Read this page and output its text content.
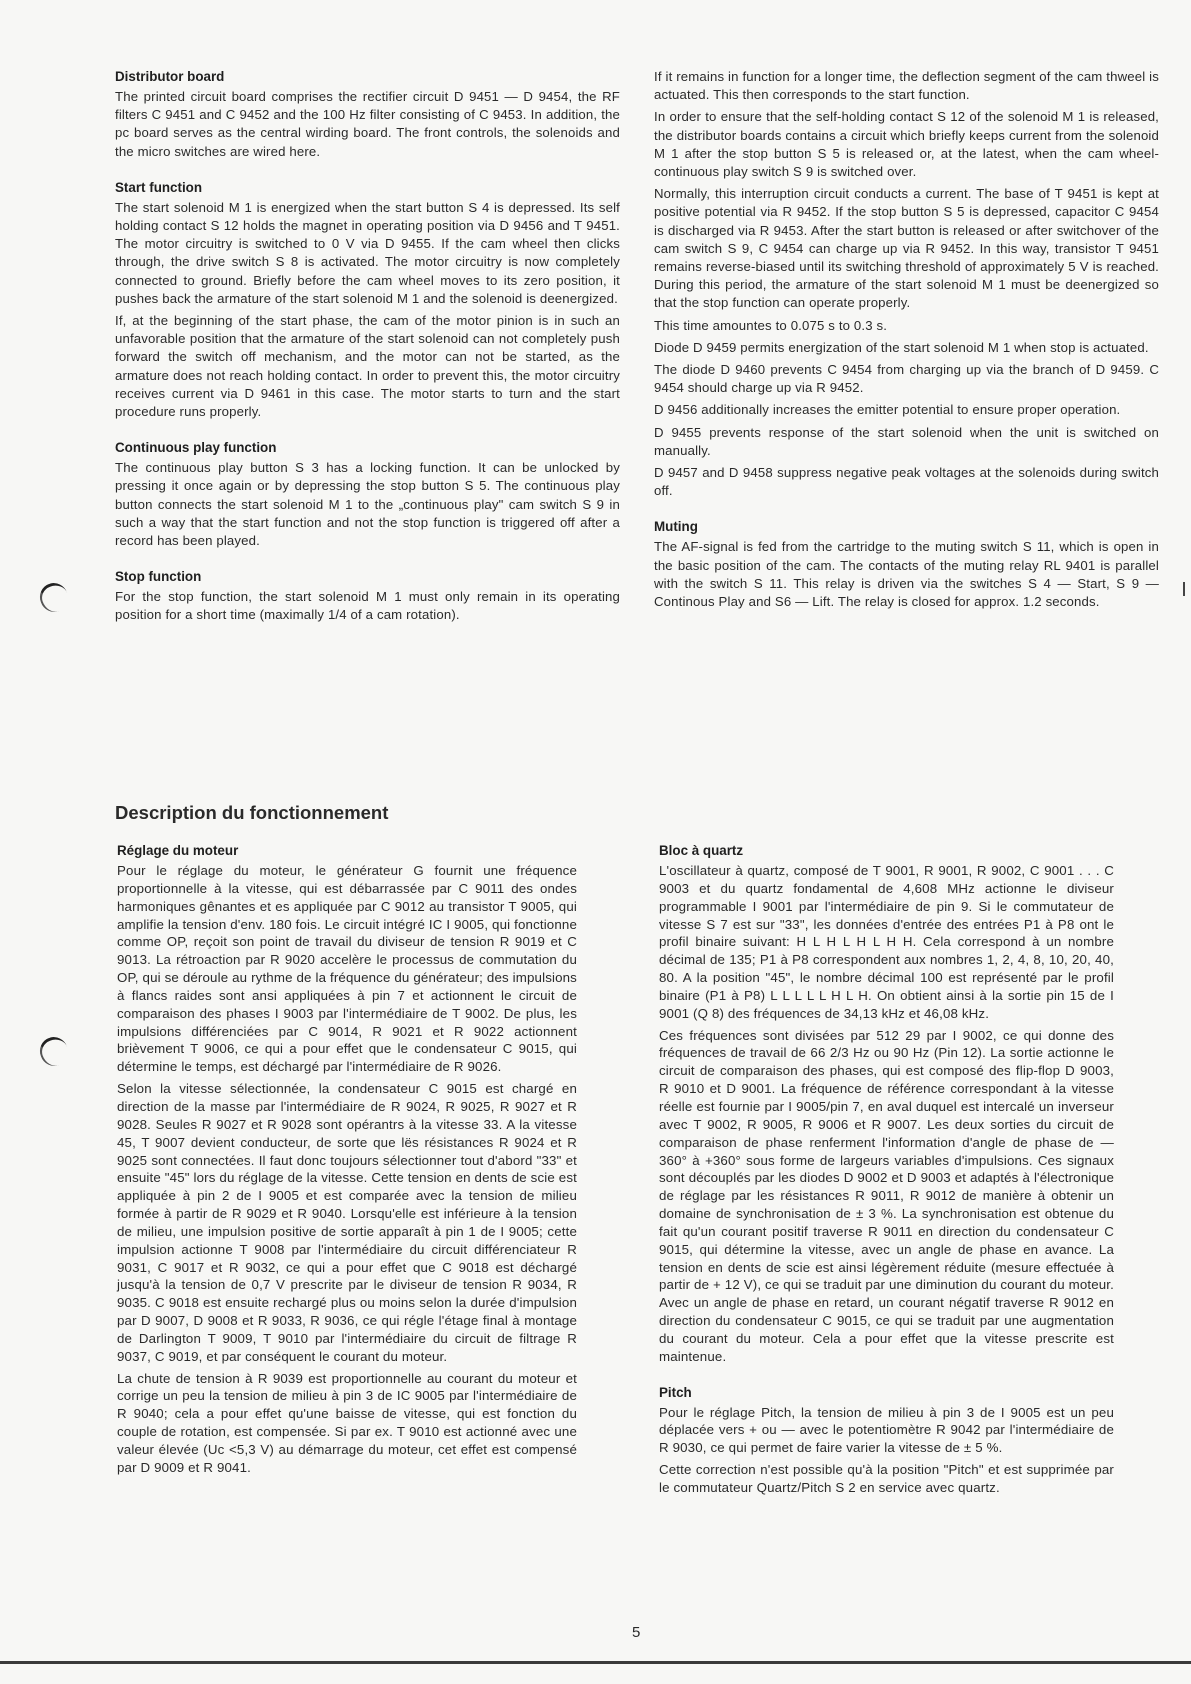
Distributor board

The printed circuit board comprises the rectifier circuit D 9451 — D 9454, the RF filters C 9451 and C 9452 and the 100 Hz filter consisting of C 9453. In addition, the pc board serves as the central wirding board. The front controls, the solenoids and the micro switches are wired here.

Start function

The start solenoid M 1 is energized when the start button S 4 is depressed. Its self holding contact S 12 holds the magnet in operating position via D 9456 and T 9451. The motor circuitry is switched to 0 V via D 9455. If the cam wheel then clicks through, the drive switch S 8 is activated. The motor circuitry is now completely connected to ground. Briefly before the cam wheel moves to its zero position, it pushes back the armature of the start solenoid M 1 and the solenoid is deenergized.

If, at the beginning of the start phase, the cam of the motor pinion is in such an unfavorable position that the armature of the start solenoid can not completely push forward the switch off mechanism, and the motor can not be started, as the armature does not reach holding contact. In order to prevent this, the motor circuitry receives current via D 9461 in this case. The motor starts to turn and the start procedure runs properly.

Continuous play function

The continuous play button S 3 has a locking function. It can be unlocked by pressing it once again or by depressing the stop button S 5. The continuous play button connects the start solenoid M 1 to the „continuous play" cam switch S 9 in such a way that the start function and not the stop function is triggered off after a record has been played.

Stop function

For the stop function, the start solenoid M 1 must only remain in its operating position for a short time (maximally 1/4 of a cam rotation).

If it remains in function for a longer time, the deflection segment of the cam thweel is actuated. This then corresponds to the start function.

In order to ensure that the self-holding contact S 12 of the solenoid M 1 is released, the distributor boards contains a circuit which briefly keeps current from the solenoid M 1 after the stop button S 5 is released or, at the latest, when the cam wheel-continuous play switch S 9 is switched over.

Normally, this interruption circuit conducts a current. The base of T 9451 is kept at positive potential via R 9452. If the stop button S 5 is depressed, capacitor C 9454 is discharged via R 9453. After the start button is released or after switchover of the cam switch S 9, C 9454 can charge up via R 9452. In this way, transistor T 9451 remains reverse-biased until its switching threshold of approximately 5 V is reached. During this period, the armature of the start solenoid M 1 must be deenergized so that the stop function can operate properly.

This time amountes to 0.075 s to 0.3 s.

Diode D 9459 permits energization of the start solenoid M 1 when stop is actuated.

The diode D 9460 prevents C 9454 from charging up via the branch of D 9459. C 9454 should charge up via R 9452.

D 9456 additionally increases the emitter potential to ensure proper operation.

D 9455 prevents response of the start solenoid when the unit is switched on manually.

D 9457 and D 9458 suppress negative peak voltages at the solenoids during switch off.

Muting

The AF-signal is fed from the cartridge to the muting switch S 11, which is open in the basic position of the cam. The contacts of the muting relay RL 9401 is parallel with the switch S 11. This relay is driven via the switches S 4 — Start, S 9 — Continous Play and S6 — Lift. The relay is closed for approx. 1.2 seconds.

Description du fonctionnement
Réglage du moteur

Pour le réglage du moteur, le générateur G fournit une fréquence proportionnelle à la vitesse, qui est débarrassée par C 9011 des ondes harmoniques gênantes et es appliquée par C 9012 au transistor T 9005, qui amplifie la tension d'env. 180 fois. Le circuit intégré IC I 9005, qui fonctionne comme OP, reçoit son point de travail du diviseur de tension R 9019 et C 9013. La rétroaction par R 9020 accelère le processus de commutation du OP, qui se déroule au rythme de la fréquence du générateur; des impulsions à flancs raides sont ansi appliquées à pin 7 et actionnent le circuit de comparaison des phases I 9003 par l'intermédiaire de T 9002. De plus, les impulsions différenciées par C 9014, R 9021 et R 9022 actionnent brièvement T 9006, ce qui a pour effet que le condensateur C 9015, qui détermine le temps, est déchargé par l'intermédiaire de R 9026.

Selon la vitesse sélectionnée, la condensateur C 9015 est chargé en direction de la masse par l'intermédiaire de R 9024, R 9025, R 9027 et R 9028. Seules R 9027 et R 9028 sont opérantrs à la vitesse 33. A la vitesse 45, T 9007 devient conducteur, de sorte que lës résistances R 9024 et R 9025 sont connectées. Il faut donc toujours sélectionner tout d'abord "33" et ensuite "45" lors du réglage de la vitesse. Cette tension en dents de scie est appliquée à pin 2 de I 9005 et est comparée avec la tension de milieu formée à partir de R 9029 et R 9040. Lorsqu'elle est inférieure à la tension de milieu, une impulsion positive de sortie apparaît à pin 1 de I 9005; cette impulsion actionne T 9008 par l'intermédiaire du circuit différenciateur R 9031, C 9017 et R 9032, ce qui a pour effet que C 9018 est déchargé jusqu'à la tension de 0,7 V prescrite par le diviseur de tension R 9034, R 9035. C 9018 est ensuite rechargé plus ou moins selon la durée d'impulsion par D 9007, D 9008 et R 9033, R 9036, ce qui régle l'étage final à montage de Darlington T 9009, T 9010 par l'intermédiaire du circuit de filtrage R 9037, C 9019, et par conséquent le courant du moteur.

La chute de tension à R 9039 est proportionnelle au courant du moteur et corrige un peu la tension de milieu à pin 3 de IC 9005 par l'intermédiaire de R 9040; cela a pour effet qu'une baisse de vitesse, qui est fonction du couple de rotation, est compensée. Si par ex. T 9010 est actionné avec une valeur élevée (Uc <5,3 V) au démarrage du moteur, cet effet est compensé par D 9009 et R 9041.

Bloc à quartz

L'oscillateur à quartz, composé de T 9001, R 9001, R 9002, C 9001 . . . C 9003 et du quartz fondamental de 4,608 MHz actionne le diviseur programmable I 9001 par l'intermédiaire de pin 9. Si le commutateur de vitesse S 7 est sur "33", les données d'entrée des entrées P1 à P8 ont le profil binaire suivant: H L H L H L H H. Cela correspond à un nombre décimal de 135; P1 à P8 correspondent aux nombres 1, 2, 4, 8, 10, 20, 40, 80. A la position "45", le nombre décimal 100 est représenté par le profil binaire (P1 à P8) L L L L L H L H. On obtient ainsi à la sortie pin 15 de I 9001 (Q 8) des fréquences de 34,13 kHz et 46,08 kHz.

Ces fréquences sont divisées par 512 29 par I 9002, ce qui donne des fréquences de travail de 66 2/3 Hz ou 90 Hz (Pin 12). La sortie actionne le circuit de comparaison des phases, qui est composé des flip-flop D 9003, R 9010 et D 9001. La fréquence de référence correspondant à la vitesse réelle est fournie par I 9005/pin 7, en aval duquel est intercalé un inverseur avec T 9002, R 9005, R 9006 et R 9007. Les deux sorties du circuit de comparaison de phase renferment l'information d'angle de phase de —360° à +360° sous forme de largeurs variables d'impulsions. Ces signaux sont découplés par les diodes D 9002 et D 9003 et adaptés à l'électronique de réglage par les résistances R 9011, R 9012 de manière à obtenir un domaine de synchronisation de ± 3 %. La synchronisation est obtenue du fait qu'un courant positif traverse R 9011 en direction du condensateur C 9015, qui détermine la vitesse, avec un angle de phase en avance. La tension en dents de scie est ainsi légèrement réduite (mesure effectuée à partir de + 12 V), ce qui se traduit par une diminution du courant du moteur. Avec un angle de phase en retard, un courant négatif traverse R 9012 en direction du condensateur C 9015, ce qui se traduit par une augmentation du courant du moteur. Cela a pour effet que la vitesse prescrite est maintenue.

Pitch

Pour le réglage Pitch, la tension de milieu à pin 3 de I 9005 est un peu déplacée vers + ou — avec le potentiomètre R 9042 par l'intermédiaire de R 9030, ce qui permet de faire varier la vitesse de ± 5 %.

Cette correction n'est possible qu'à la position "Pitch" et est supprimée par le commutateur Quartz/Pitch S 2 en service avec quartz.

5
